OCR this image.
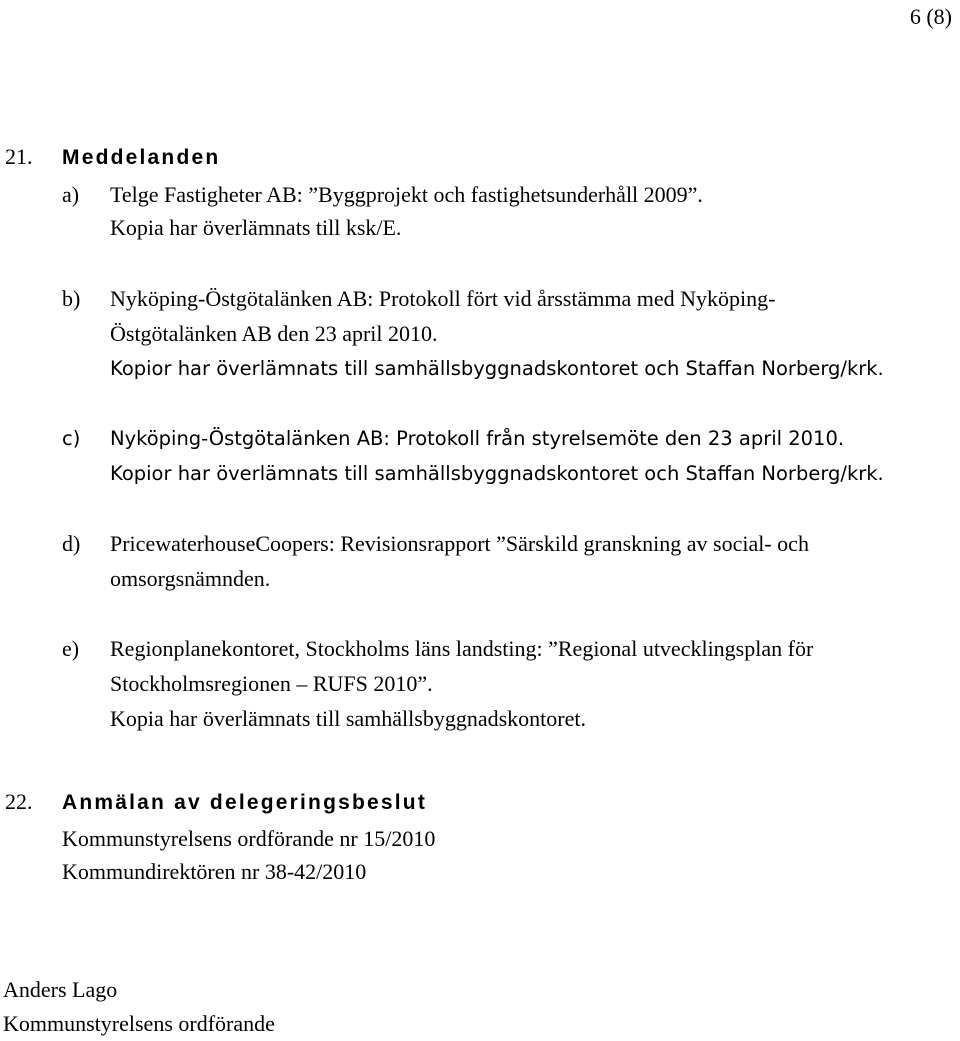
6 (8)
21. Meddelanden
a) Telge Fastigheter AB: ”Byggprojekt och fastighetsunderhåll 2009”.
Kopia har överlämnats till ksk/E.
b) Nyköping-Östgötalänken AB: Protokoll fört vid årsstämma med Nyköping-
Östgötalänken AB den 23 april 2010.
Kopior har överlämnats till samhällsbyggnadskontoret och Staffan Norberg/krk.
c) Nyköping-Östgötalänken AB: Protokoll från styrelsemöte den 23 april 2010.
Kopior har överlämnats till samhällsbyggnadskontoret och Staffan Norberg/krk.
d) PricewaterhouseCoopers: Revisionsrapport ”Särskild granskning av social- och
omsorgsnämnden.
e) Regionplanekontoret, Stockholms läns landsting: ”Regional utvecklingsplan för
Stockholmsregionen – RUFS 2010”.
Kopia har överlämnats till samhällsbyggnadskontoret.
22. Anmälan av delegeringsbeslut
Kommunstyrelsens ordförande nr 15/2010
Kommundirektören nr 38-42/2010
Anders Lago
Kommunstyrelsens ordförande
